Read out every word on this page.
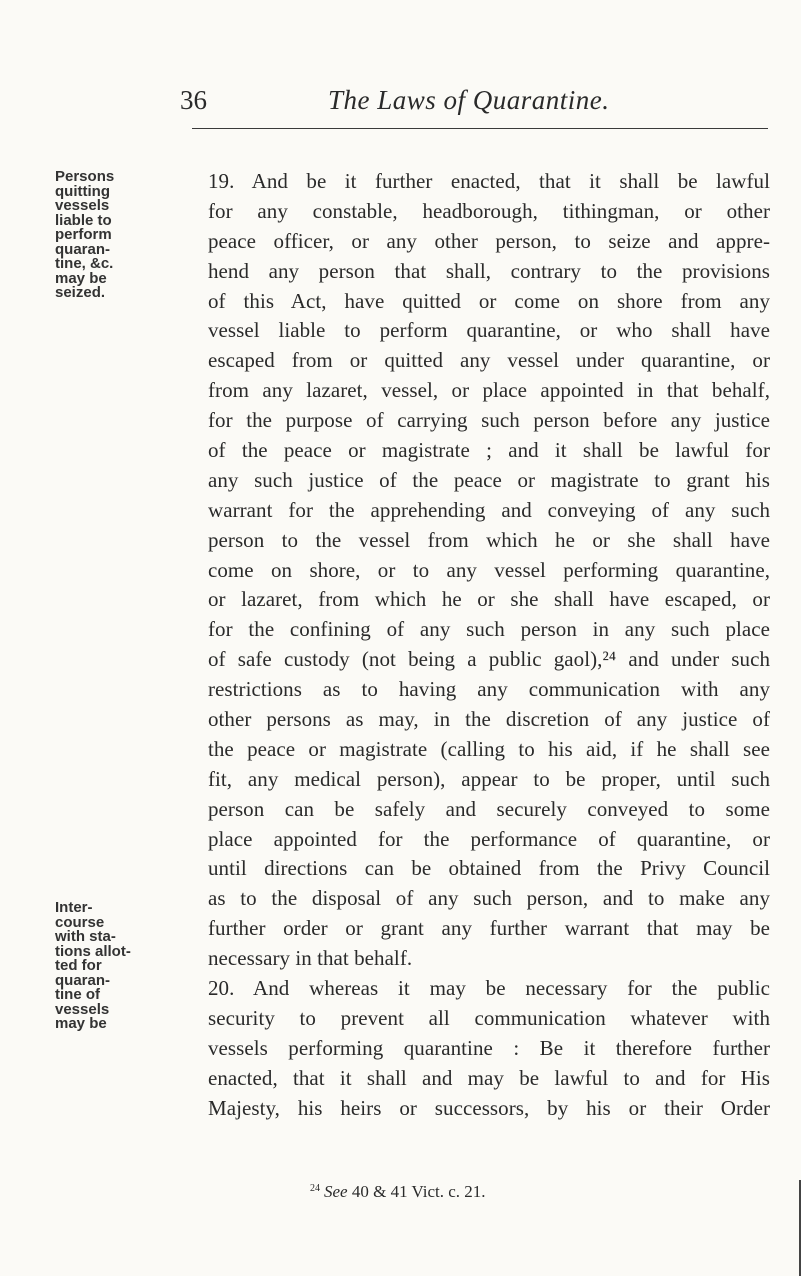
36	The Laws of Quarantine.
Persons
quitting
vessels
liable to
perform
quaran-
tine, &c.
may be
seized.
Inter-
course
with sta-
tions allot-
ted for
quaran-
tine of
vessels
may be
19. And be it further enacted, that it shall be lawful
for any constable, headborough, tithingman, or other
peace officer, or any other person, to seize and appre-
hend any person that shall, contrary to the provisions
of this Act, have quitted or come on shore from any
vessel liable to perform quarantine, or who shall have
escaped from or quitted any vessel under quarantine, or
from any lazaret, vessel, or place appointed in that behalf,
for the purpose of carrying such person before any justice
of the peace or magistrate ; and it shall be lawful for
any such justice of the peace or magistrate to grant his
warrant for the apprehending and conveying of any such
person to the vessel from which he or she shall have
come on shore, or to any vessel performing quarantine,
or lazaret, from which he or she shall have escaped, or
for the confining of any such person in any such place
of safe custody (not being a public gaol),²⁴ and under such
restrictions as to having any communication with any
other persons as may, in the discretion of any justice of
the peace or magistrate (calling to his aid, if he shall see
fit, any medical person), appear to be proper, until such
person can be safely and securely conveyed to some
place appointed for the performance of quarantine, or
until directions can be obtained from the Privy Council
as to the disposal of any such person, and to make any
further order or grant any further warrant that may be
necessary in that behalf.
20. And whereas it may be necessary for the public
security to prevent all communication whatever with
vessels performing quarantine : Be it therefore further
enacted, that it shall and may be lawful to and for His
Majesty, his heirs or successors, by his or their Order
$^{24}$ See 40 & 41 Vict. c. 21.
